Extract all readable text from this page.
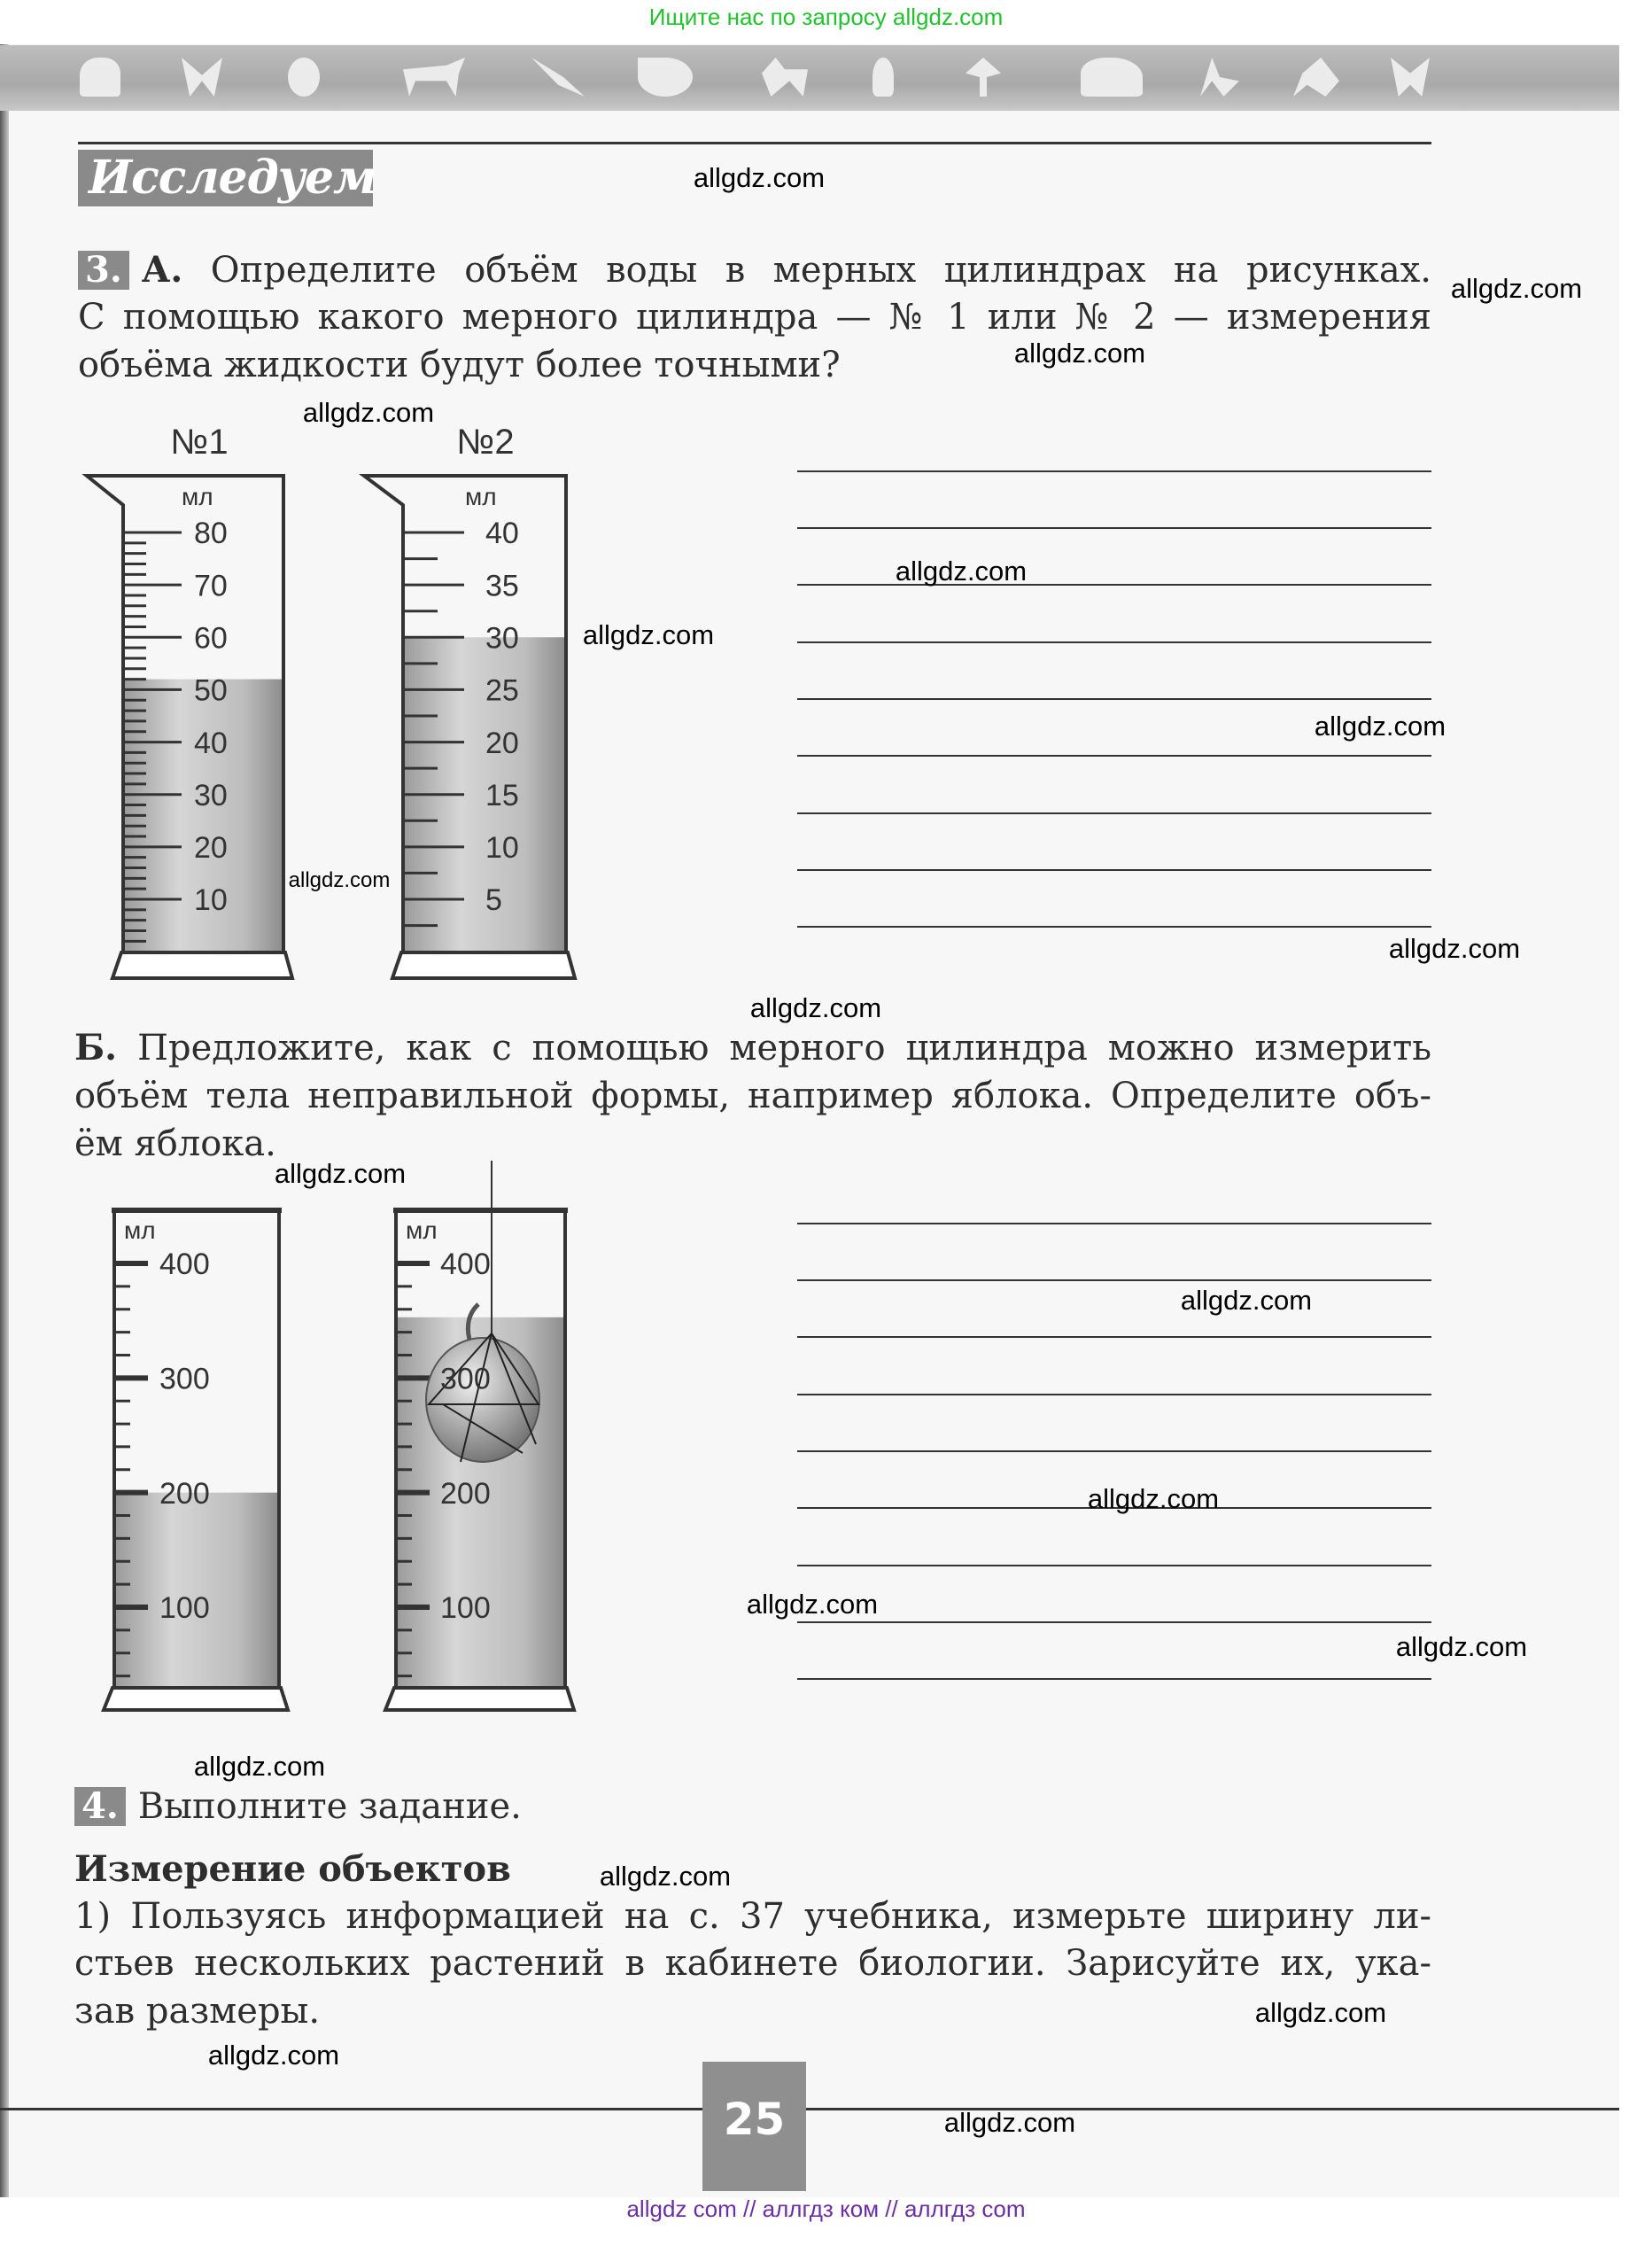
Ищите нас по запросу allgdz.com
Исследуем
3. А. Определите объём воды в мерных цилиндрах на рисунках.
С помощью какого мерного цилиндра — № 1 или № 2 — измерения
объёма жидкости будут более точными?
Б. Предложите, как с помощью мерного цилиндра можно измерить
объём тела неправильной формы, например яблока. Определите объ-
ём яблока.
№1	№2
мл	мл
мл	мл
80
70
60
50
40
30
20
10
40
35
30
25
20
15
10
5
400
300
200
100
400
300
200
100
4. Выполните задание.
Измерение объектов
1) Пользуясь информацией на с. 37 учебника, измерьте ширину ли-
стьев нескольких растений в кабинете биологии. Зарисуйте их, ука-
зав размеры.
25
allgdz com // аллгдз ком // аллгдз com
allgdz.com
allgdz.com
allgdz.com
allgdz.com
allgdz.com
allgdz.com
allgdz.com
allgdz.com
allgdz.com
allgdz.com
allgdz.com
allgdz.com
allgdz.com
allgdz.com
allgdz.com
allgdz.com
allgdz.com
allgdz.com
allgdz.com
allgdz.com
